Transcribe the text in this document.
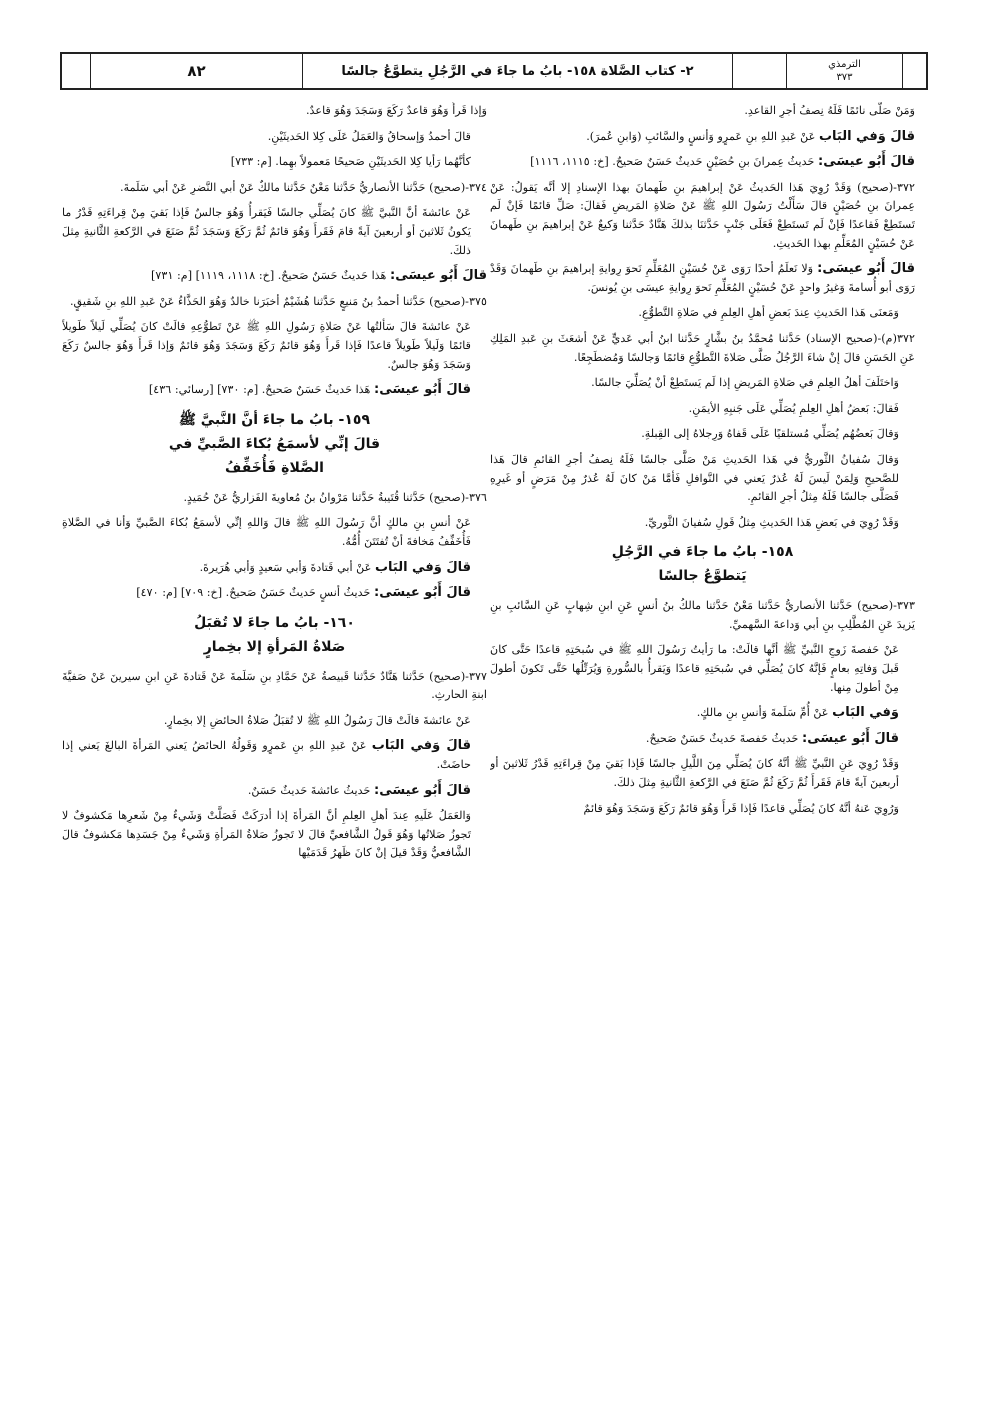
٨٢	٢- كتاب الصَّلاة ١٥٨- بابُ ما جاءَ في الرَّجُلِ يتطوَّعُ جالسًا	الترمذي
٣٧٣

وَمَنْ صَلَّى نائمًا فَلَهُ نِصفُ أجرِ القاعدِ.

قالَ وَفي البَاب عَنْ عَبدِ اللهِ بنِ عَمرٍو وَأنسٍ والسَّائبِ (وَابنِ عُمرَ).

قالَ أَبُو عيسَى: حَديثُ عِمرانَ بنِ حُصَيْنٍ حَديثٌ حَسَنٌ صَحيحٌ. [خ: ١١١٥، ١١١٦]

٣٧٢-(صحيح) وَقَدْ رُوِيَ هَذا الحَديثُ عَنْ إبراهيمَ بنِ طَهمانَ بهذا الإسنادِ إلا أنَّه يَقولُ: عَنْ عِمرانَ بنِ حُصَيْنٍ قالَ سَأَلْتُ رَسُولَ اللهِ ﷺ عَنْ صَلاةِ المَريضِ فَقالَ: صَلِّ قائمًا فَإنْ لَم تَستَطِعْ فَقاعدًا فَإنْ لَم تَستَطِعْ فَعَلَى جَنْبٍ حَدَّثنَا بذلكَ هَنَّادٌ حَدَّثنا وَكيعٌ عَنْ إبراهيمَ بنِ طَهمانَ عَنْ حُسَيْنٍ المُعَلِّمِ بهذا الحَديثِ.

قالَ أَبُو عيسَى: وَلا نَعلَمُ أحدًا رَوَى عَنْ حُسَيْنٍ المُعَلِّمِ نَحوَ رِوايةِ إبراهيمَ بنِ طَهمانَ وَقَدْ رَوَى أبو أُسامةَ وَغيرُ واحدٍ عَنْ حُسَيْنٍ المُعَلِّمِ نَحوَ رِوايةِ عيسَى بنِ يُونسَ.

وَمَعنَى هَذا الحَديثِ عِندَ بَعضِ أهلِ العِلمِ في صَلاةِ التَّطوُّعِ.

٣٧٢(م)-(صحيح الإسناد) حَدَّثنا مُحمَّدُ بنُ بشَّارٍ حَدَّثنا ابنُ أبي عَديٍّ عَنْ أشعَثَ بنِ عَبدِ المَلِكِ عَنِ الحَسَنِ قالَ إنْ شاءَ الرَّجُلُ صَلَّى صَلاةَ التَّطوُّعِ قائمًا وَجالسًا وَمُضطَجِعًا.

وَاختَلَفَ أهلُ العِلمِ في صَلاةِ المَريضِ إذا لَم يَستَطِعْ أنْ يُصَلِّيَ جالسًا.

فَقالَ: بَعضُ أهلِ العِلمِ يُصَلِّي عَلَى جَنبِهِ الأيمَنِ.

وَقالَ بَعضُهُم يُصَلِّي مُستلقيًا عَلَى قَفاهُ وَرِجلاهُ إلى القِبلةِ.

وَقالَ سُفيانُ الثَّوريُّ في هَذا الحَديثِ مَنْ صَلَّى جالسًا فَلَهُ نِصفُ أجرِ القائمِ قالَ هَذا للصَّحيحِ وَلِمَنْ لَيسَ لَهُ عُذرٌ يَعني في النَّوافلِ فَأمَّا مَنْ كانَ لَهُ عُذرٌ مِنْ مَرَضٍ أو غَيرِهِ فَصَلَّى جالسًا فَلَهُ مِثلُ أجرِ القائمِ.

وَقَدْ رُوِيَ في بَعضِ هَذا الحَديثِ مِثلُ قَولِ سُفيانَ الثَّوريِّ.

١٥٨- بابُ ما جاءَ في الرَّجُلِ
يَتطوَّعُ جالسًا

٣٧٣-(صحيح) حَدَّثنا الأنصاريُّ حَدَّثنا مَعْنٌ حَدَّثنا مالكُ بنُ أنسٍ عَنِ ابنِ شِهابٍ عَنِ السَّائبِ بنِ يَزيدَ عَنِ المُطَّلِبِ بنِ أبي وَداعةَ السَّهميِّ.

عَنْ حَفصةَ زَوجِ النَّبيِّ ﷺ أنَّها قالَتْ: ما رَأيتُ رَسُولَ اللهِ ﷺ في سُبحَتِهِ قاعدًا حَتَّى كانَ قَبلَ وَفاتِهِ بعامٍ فَإنَّهُ كانَ يُصَلِّي في سُبحَتِهِ قاعدًا وَيَقرأُ بالسُّورةِ وَيُرَتِّلُها حَتَّى تَكونَ أطولَ مِنْ أطولَ مِنها.

وَفي البَاب عَنْ أُمِّ سَلَمةَ وَأنسِ بنِ مالكٍ.

قالَ أَبُو عيسَى: حَديثُ حَفصةَ حَديثٌ حَسَنٌ صَحيحٌ.

وَقَدْ رُوِيَ عَنِ النَّبيِّ ﷺ أنَّهُ كانَ يُصَلِّي مِنَ اللَّيلِ جالسًا فَإذا بَقيَ مِنْ قِراءَتِهِ قَدْرُ ثَلاثينَ أو أربعينَ آيةً قامَ فَقَرأَ ثُمَّ رَكَعَ ثُمَّ صَنَعَ في الرَّكعةِ الثَّانيةِ مِثلَ ذلكَ.

وَرُوِيَ عَنهُ أنَّهُ كانَ يُصَلِّي قاعدًا فَإذا قَرأَ وَهُوَ قائمٌ رَكَعَ وَسَجَدَ وَهُوَ قائمٌ

وَإذا قَرأَ وَهُوَ قاعدٌ رَكَعَ وَسَجَدَ وَهُوَ قاعدٌ.

قالَ أحمدُ وَإسحاقُ وَالعَمَلُ عَلَى كِلا الحَديثَيْنِ.

كأنَّهُما رَأيا كِلا الحَديثَيْنِ صَحيحًا مَعمولاً بهِما. [م: ٧٣٣]

٣٧٤-(صحيح) حَدَّثنا الأنصاريُّ حَدَّثنا مَعْنٌ حَدَّثنا مالكٌ عَنْ أبي النَّضرِ عَنْ أبي سَلَمةَ.

عَنْ عائشةَ أنَّ النَّبيَّ ﷺ كانَ يُصَلِّي جالسًا فَيَقرأُ وَهُوَ جالسٌ فَإذا بَقيَ مِنْ قِراءَتِهِ قَدْرُ ما يَكونُ ثَلاثينَ أو أربعينَ آيةً قامَ فَقَرأَ وَهُوَ قائمٌ ثُمَّ رَكَعَ وَسَجَدَ ثُمَّ صَنَعَ في الرَّكعةِ الثَّانيةِ مِثلَ ذلكَ.

قالَ أَبُو عيسَى: هَذا حَديثٌ حَسَنٌ صَحيحٌ. [خ: ١١١٨، ١١١٩] [م: ٧٣١]

٣٧٥-(صحيح) حَدَّثنا أحمدُ بنُ مَنيعٍ حَدَّثنا هُشَيْمٌ أخبَرَنا خالدٌ وَهُوَ الحَذَّاءُ عَنْ عَبدِ اللهِ بنِ شَقيقٍ.

عَنْ عائشةَ قالَ سَألتُها عَنْ صَلاةِ رَسُولِ اللهِ ﷺ عَنْ تَطوُّعِهِ قالَتْ كانَ يُصَلِّي لَيلاً طَويلاً قائمًا وَلَيلاً طَويلاً قاعدًا فَإذا قَرأَ وَهُوَ قائمٌ رَكَعَ وَسَجَدَ وَهُوَ قائمٌ وَإذا قَرأَ وَهُوَ جالسٌ رَكَعَ وَسَجَدَ وَهُوَ جالسٌ.

قالَ أَبُو عيسَى: هَذا حَديثٌ حَسَنٌ صَحيحٌ. [م: ٧٣٠] [رسائي: ٤٣٦]

١٥٩- بابُ ما جاءَ أنَّ النَّبيَّ ﷺ
قالَ إنِّي لأسمَعُ بُكاءَ الصَّبيِّ في
الصَّلاةِ فَأُخَفِّفُ

٣٧٦-(صحيح) حَدَّثنا قُتَيبةُ حَدَّثنا مَرْوانُ بنُ مُعاويةَ الفَزاريُّ عَنْ حُمَيدٍ.

عَنْ أنسِ بنِ مالكٍ أنَّ رَسُولَ اللهِ ﷺ قالَ وَاللهِ إنِّي لأسمَعُ بُكاءَ الصَّبيِّ وَأنا في الصَّلاةِ فَأُخَفِّفُ مَخافةَ أنْ تُفتَتَنَ أُمُّهُ.

قالَ وَفي البَاب عَنْ أبي قَتادةَ وَأبي سَعيدٍ وَأبي هُرَيرةَ.

قالَ أَبُو عيسَى: حَديثُ أنسٍ حَديثٌ حَسَنٌ صَحيحٌ. [خ: ٧٠٩] [م: ٤٧٠]

١٦٠- بابُ ما جاءَ لا تُقبَلُ
صَلاةُ المَرأةِ إلا بخِمارٍ

٣٧٧-(صحيح) حَدَّثنا هَنَّادٌ حَدَّثنا قَبيصةُ عَنْ حَمَّادِ بنِ سَلَمةَ عَنْ قَتادةَ عَنِ ابنِ سيرينَ عَنْ صَفيَّةَ ابنةِ الحارثِ.

عَنْ عائشةَ قالَتْ قالَ رَسُولُ اللهِ ﷺ لا تُقبَلُ صَلاةُ الحائضِ إلا بخِمارٍ.

قالَ وَفي البَاب عَنْ عَبدِ اللهِ بنِ عَمرٍو وَقَولُهُ الحائضُ يَعني المَرأةَ البالغَ يَعني إذا حاضَتْ.

قالَ أَبُو عيسَى: حَديثُ عائشةَ حَديثٌ حَسَنٌ.

وَالعَمَلُ عَلَيهِ عِندَ أهلِ العِلمِ أنَّ المَرأةَ إذا أدرَكَتْ فَصَلَّتْ وَشَيءٌ مِنْ شَعرِها مَكشوفٌ لا تَجوزُ صَلاتُها وَهُوَ قَولُ الشَّافعيِّ قالَ لا تَجوزُ صَلاةُ المَرأةِ وَشَيءٌ مِنْ جَسَدِها مَكشوفٌ قالَ الشَّافعيُّ وَقَدْ قيلَ إنْ كانَ ظَهرُ قَدَمَيْها
